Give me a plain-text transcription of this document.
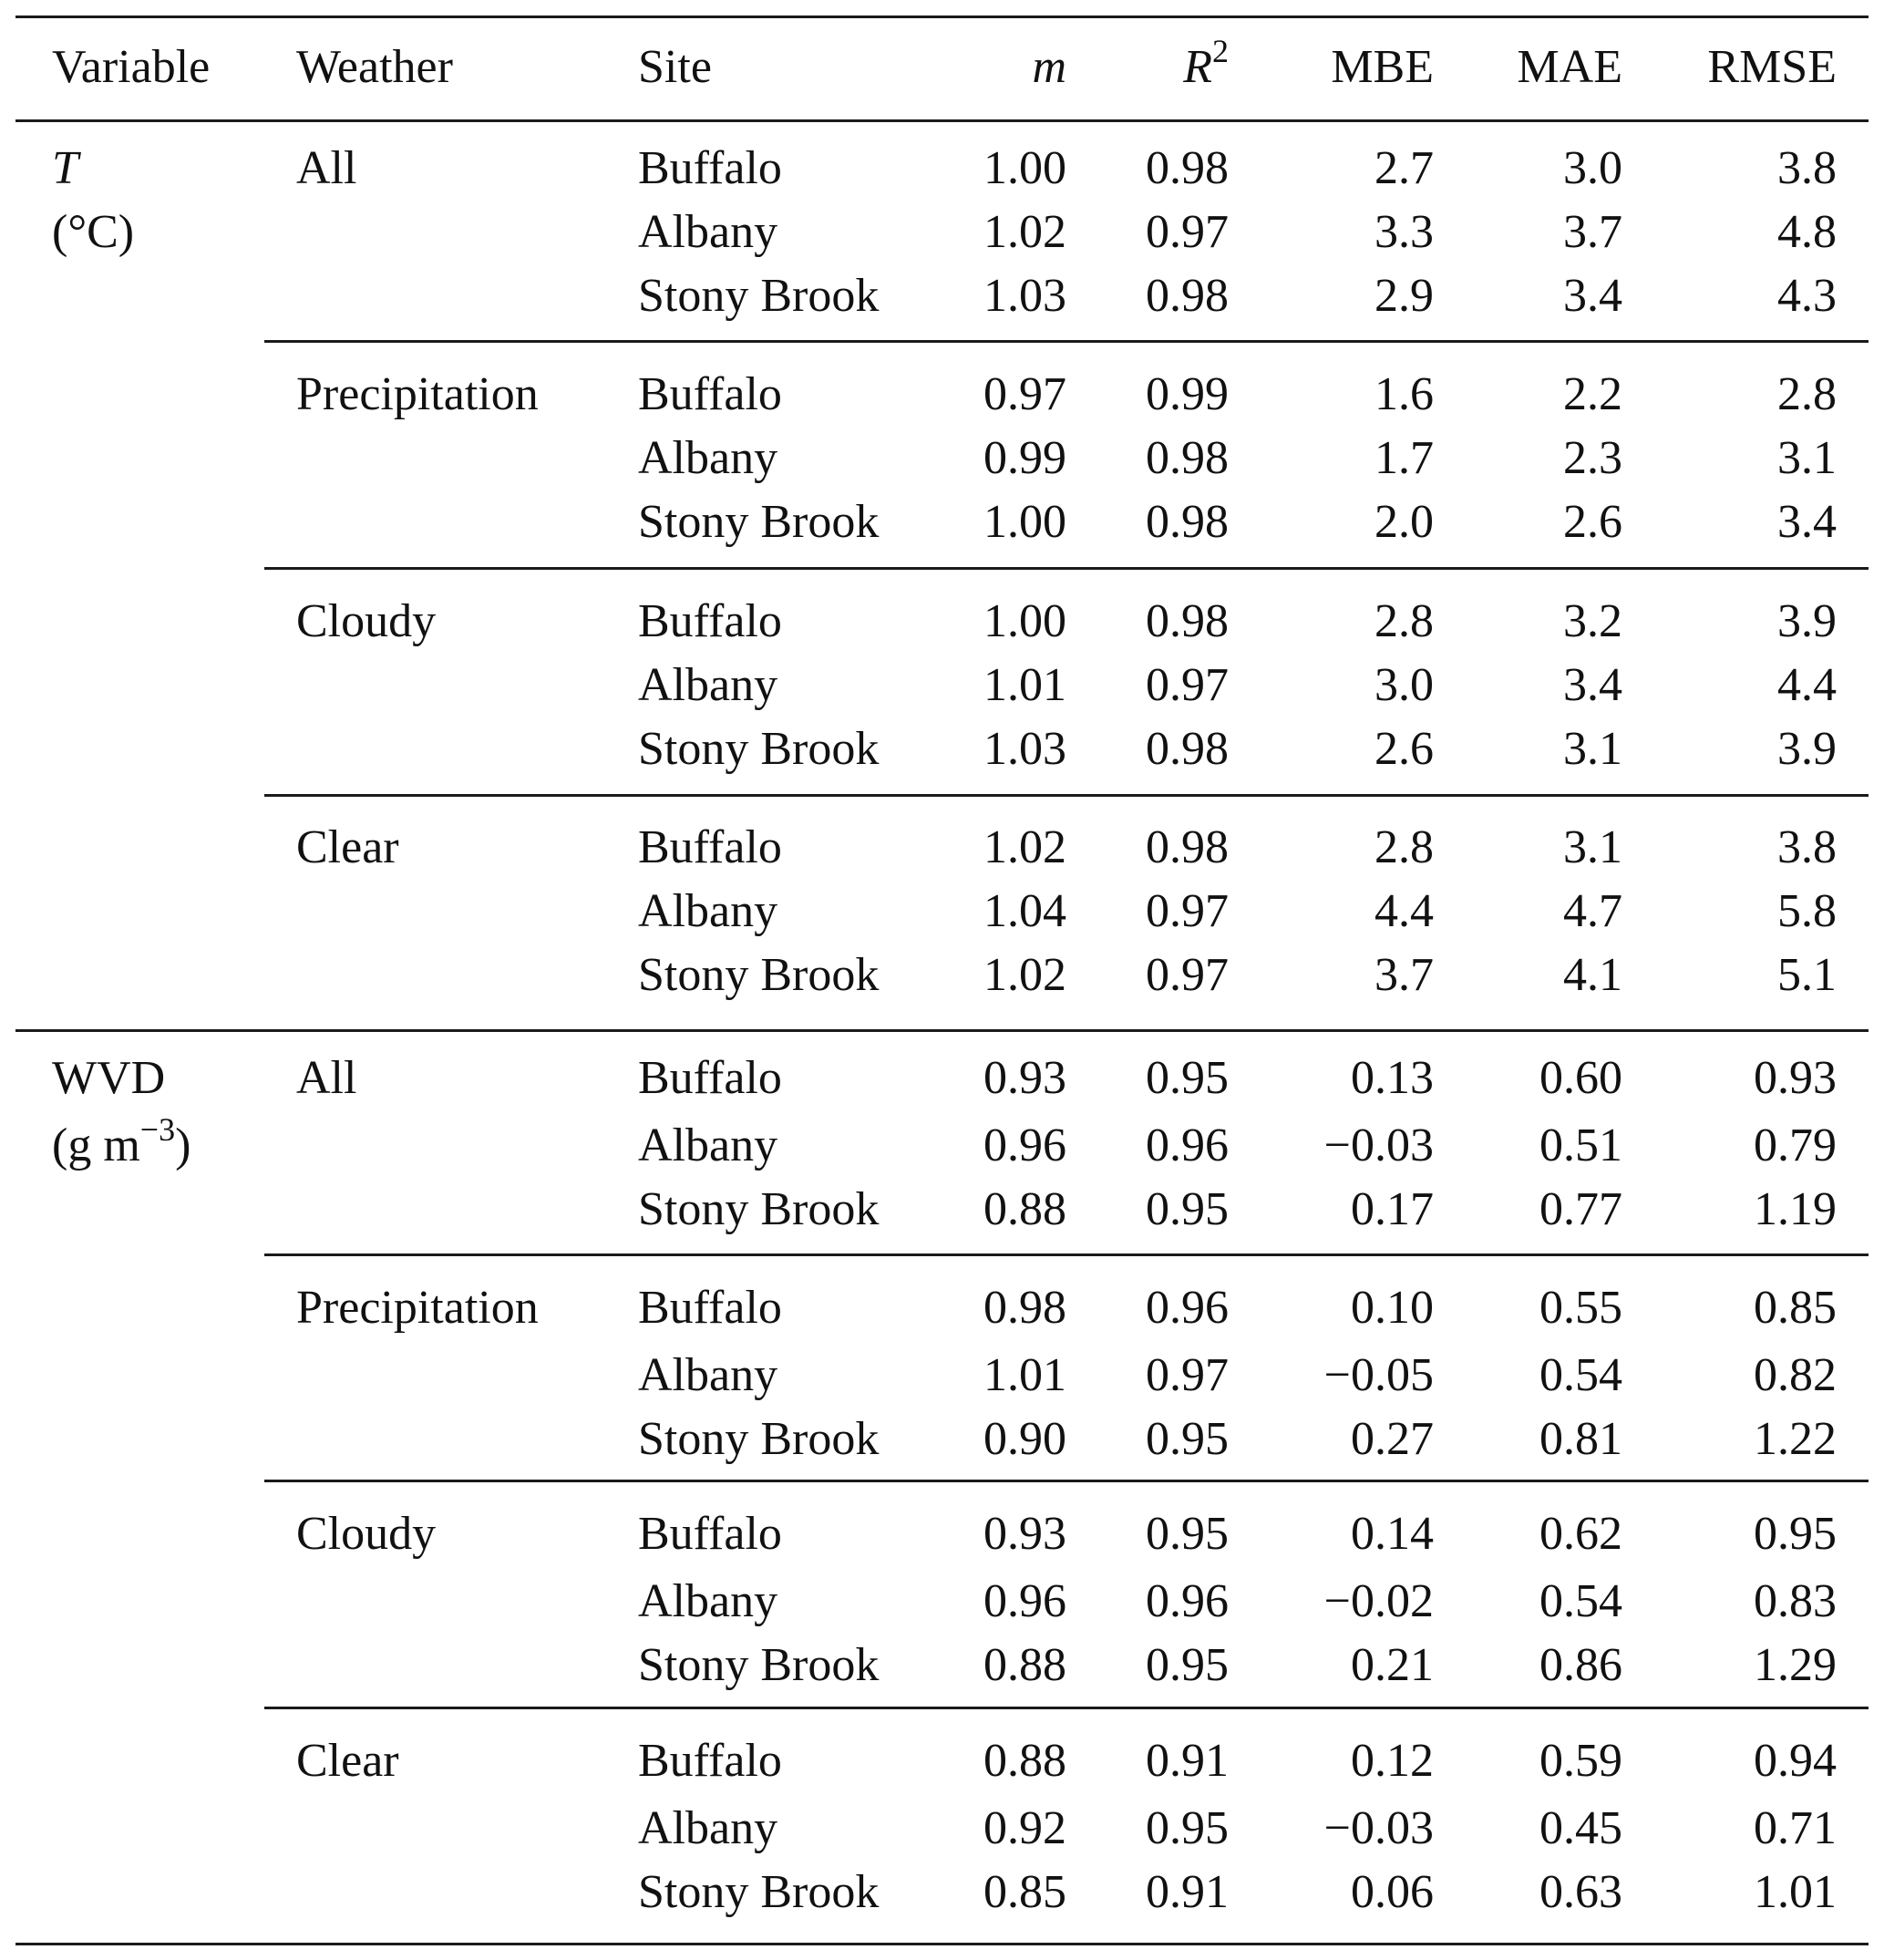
Variable Weather	Site	m $R^2$ MBE MAE RMSE
T
(°C)
All	Buffalo	1.00 0.98	2.7	3.0	3.8
Albany	1.02 0.97	3.3	3.7	4.8
Stony Brook 1.03 0.98	2.9	3.4	4.3
Precipitation Buffalo	0.97 0.99	1.6	2.2	2.8
Albany	0.99 0.98	1.7	2.3	3.1
Stony Brook 1.00 0.98	2.0	2.6	3.4
Cloudy	Buffalo	1.00 0.98	2.8	3.2	3.9
Albany	1.01 0.97	3.0	3.4	4.4
Stony Brook 1.03 0.98	2.6	3.1	3.9
Clear	Buffalo	1.02 0.98	2.8	3.1	3.8
Albany	1.04 0.97	4.4	4.7	5.8
Stony Brook 1.02 0.97	3.7	4.1	5.1
WVD
(g $m^{-3}$)
All	Buffalo	0.93 0.95	0.13 0.60	0.93
Albany	0.96 0.96 −0.03 0.51	0.79
Stony Brook 0.88 0.95	0.17 0.77	1.19
Precipitation Buffalo	0.98 0.96	0.10 0.55	0.85
Albany	1.01 0.97 −0.05 0.54	0.82
Stony Brook 0.90 0.95	0.27 0.81	1.22
Cloudy	Buffalo	0.93 0.95	0.14 0.62	0.95
Albany	0.96 0.96 −0.02 0.54	0.83
Stony Brook 0.88 0.95	0.21 0.86	1.29
Clear	Buffalo	0.88 0.91	0.12 0.59	0.94
Albany	0.92 0.95 −0.03 0.45	0.71
Stony Brook 0.85 0.91	0.06 0.63	1.01
